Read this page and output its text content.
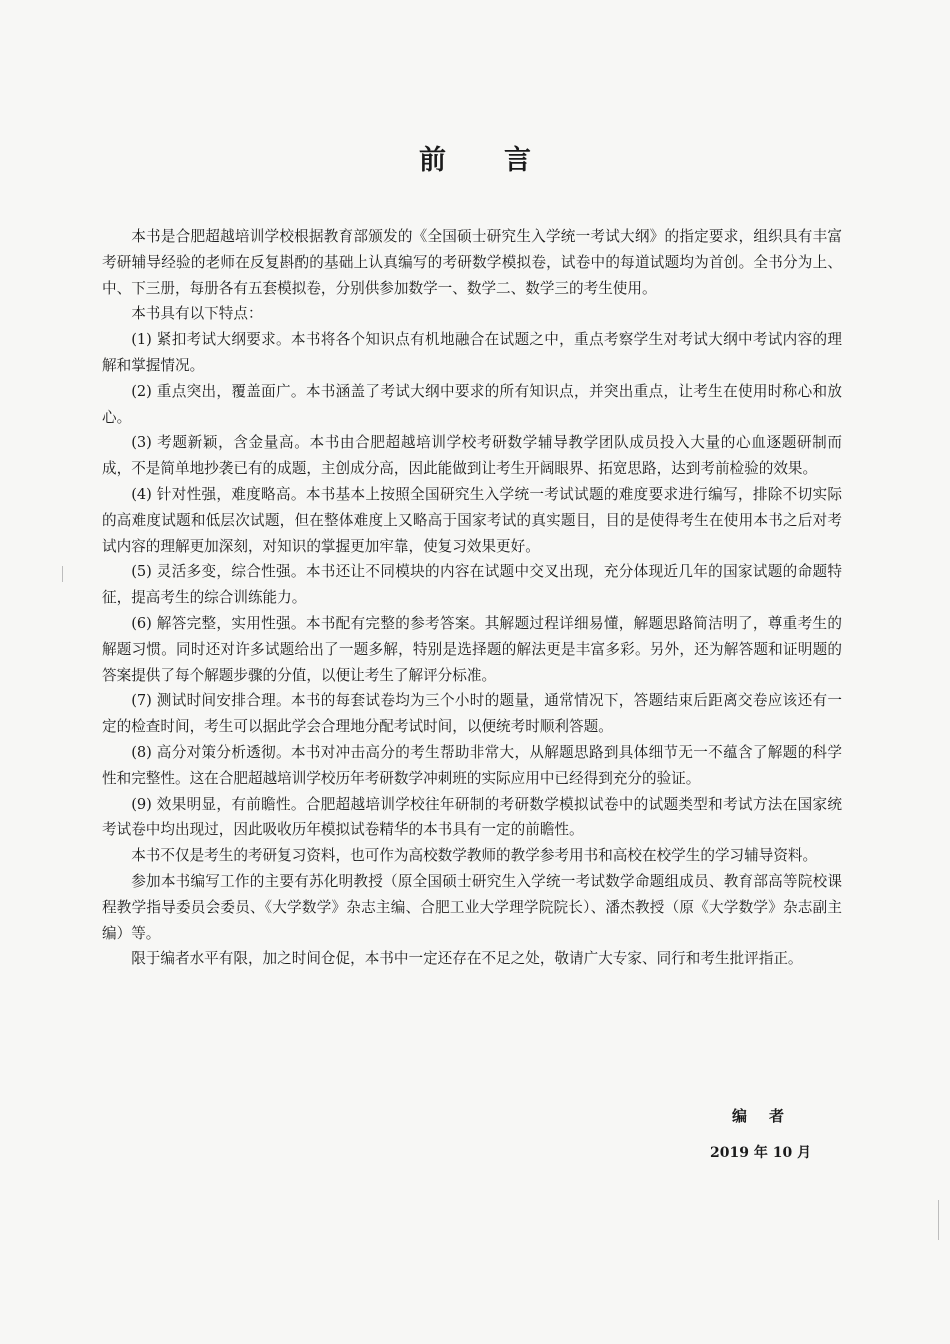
前言

本书是合肥超越培训学校根据教育部颁发的《全国硕士研究生入学统一考试大纲》的指定要求，组织具有丰富考研辅导经验的老师在反复斟酌的基础上认真编写的考研数学模拟卷，试卷中的每道试题均为首创。全书分为上、中、下三册，每册各有五套模拟卷，分别供参加数学一、数学二、数学三的考生使用。

本书具有以下特点：

(1) 紧扣考试大纲要求。本书将各个知识点有机地融合在试题之中，重点考察学生对考试大纲中考试内容的理解和掌握情况。

(2) 重点突出，覆盖面广。本书涵盖了考试大纲中要求的所有知识点，并突出重点，让考生在使用时称心和放心。

(3) 考题新颖，含金量高。本书由合肥超越培训学校考研数学辅导教学团队成员投入大量的心血逐题研制而成，不是简单地抄袭已有的成题，主创成分高，因此能做到让考生开阔眼界、拓宽思路，达到考前检验的效果。

(4) 针对性强，难度略高。本书基本上按照全国研究生入学统一考试试题的难度要求进行编写，排除不切实际的高难度试题和低层次试题，但在整体难度上又略高于国家考试的真实题目，目的是使得考生在使用本书之后对考试内容的理解更加深刻，对知识的掌握更加牢靠，使复习效果更好。

(5) 灵活多变，综合性强。本书还让不同模块的内容在试题中交叉出现，充分体现近几年的国家试题的命题特征，提高考生的综合训练能力。

(6) 解答完整，实用性强。本书配有完整的参考答案。其解题过程详细易懂，解题思路简洁明了，尊重考生的解题习惯。同时还对许多试题给出了一题多解，特别是选择题的解法更是丰富多彩。另外，还为解答题和证明题的答案提供了每个解题步骤的分值，以便让考生了解评分标准。

(7) 测试时间安排合理。本书的每套试卷均为三个小时的题量，通常情况下，答题结束后距离交卷应该还有一定的检查时间，考生可以据此学会合理地分配考试时间，以便统考时顺利答题。

(8) 高分对策分析透彻。本书对冲击高分的考生帮助非常大，从解题思路到具体细节无一不蕴含了解题的科学性和完整性。这在合肥超越培训学校历年考研数学冲刺班的实际应用中已经得到充分的验证。

(9) 效果明显，有前瞻性。合肥超越培训学校往年研制的考研数学模拟试卷中的试题类型和考试方法在国家统考试卷中均出现过，因此吸收历年模拟试卷精华的本书具有一定的前瞻性。

本书不仅是考生的考研复习资料，也可作为高校数学教师的教学参考用书和高校在校学生的学习辅导资料。

参加本书编写工作的主要有苏化明教授（原全国硕士研究生入学统一考试数学命题组成员、教育部高等院校课程教学指导委员会委员、《大学数学》杂志主编、合肥工业大学理学院院长）、潘杰教授（原《大学数学》杂志副主编）等。

限于编者水平有限，加之时间仓促，本书中一定还存在不足之处，敬请广大专家、同行和考生批评指正。

编者
2019 年 10 月
